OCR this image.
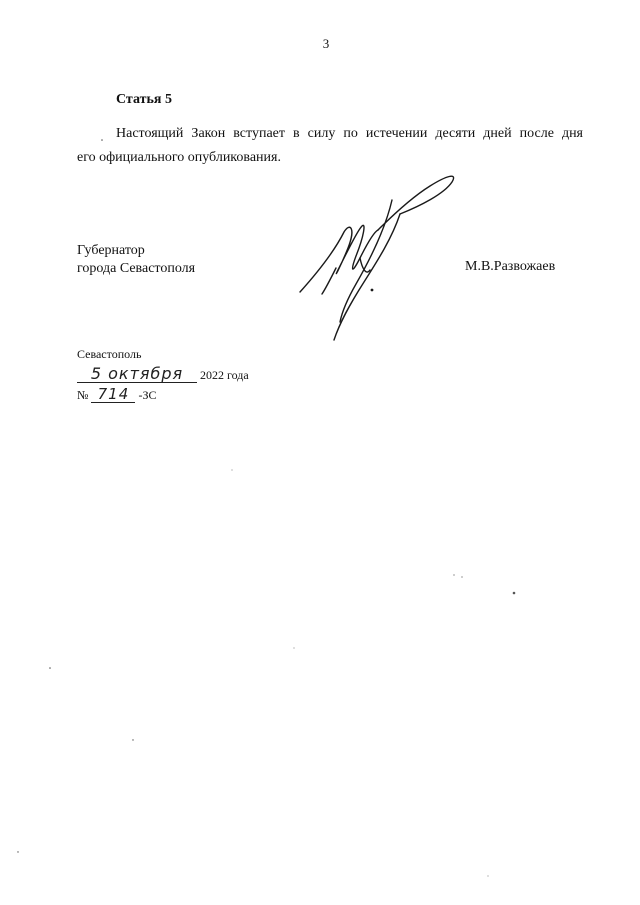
3
Статья 5
Настоящий Закон вступает в силу по истечении десяти дней после дня
его официального опубликования.
Губернатор
города Севастополя	М.В.Развожаев
Севастополь
5 октября 2022 года
№ 714 -ЗС
